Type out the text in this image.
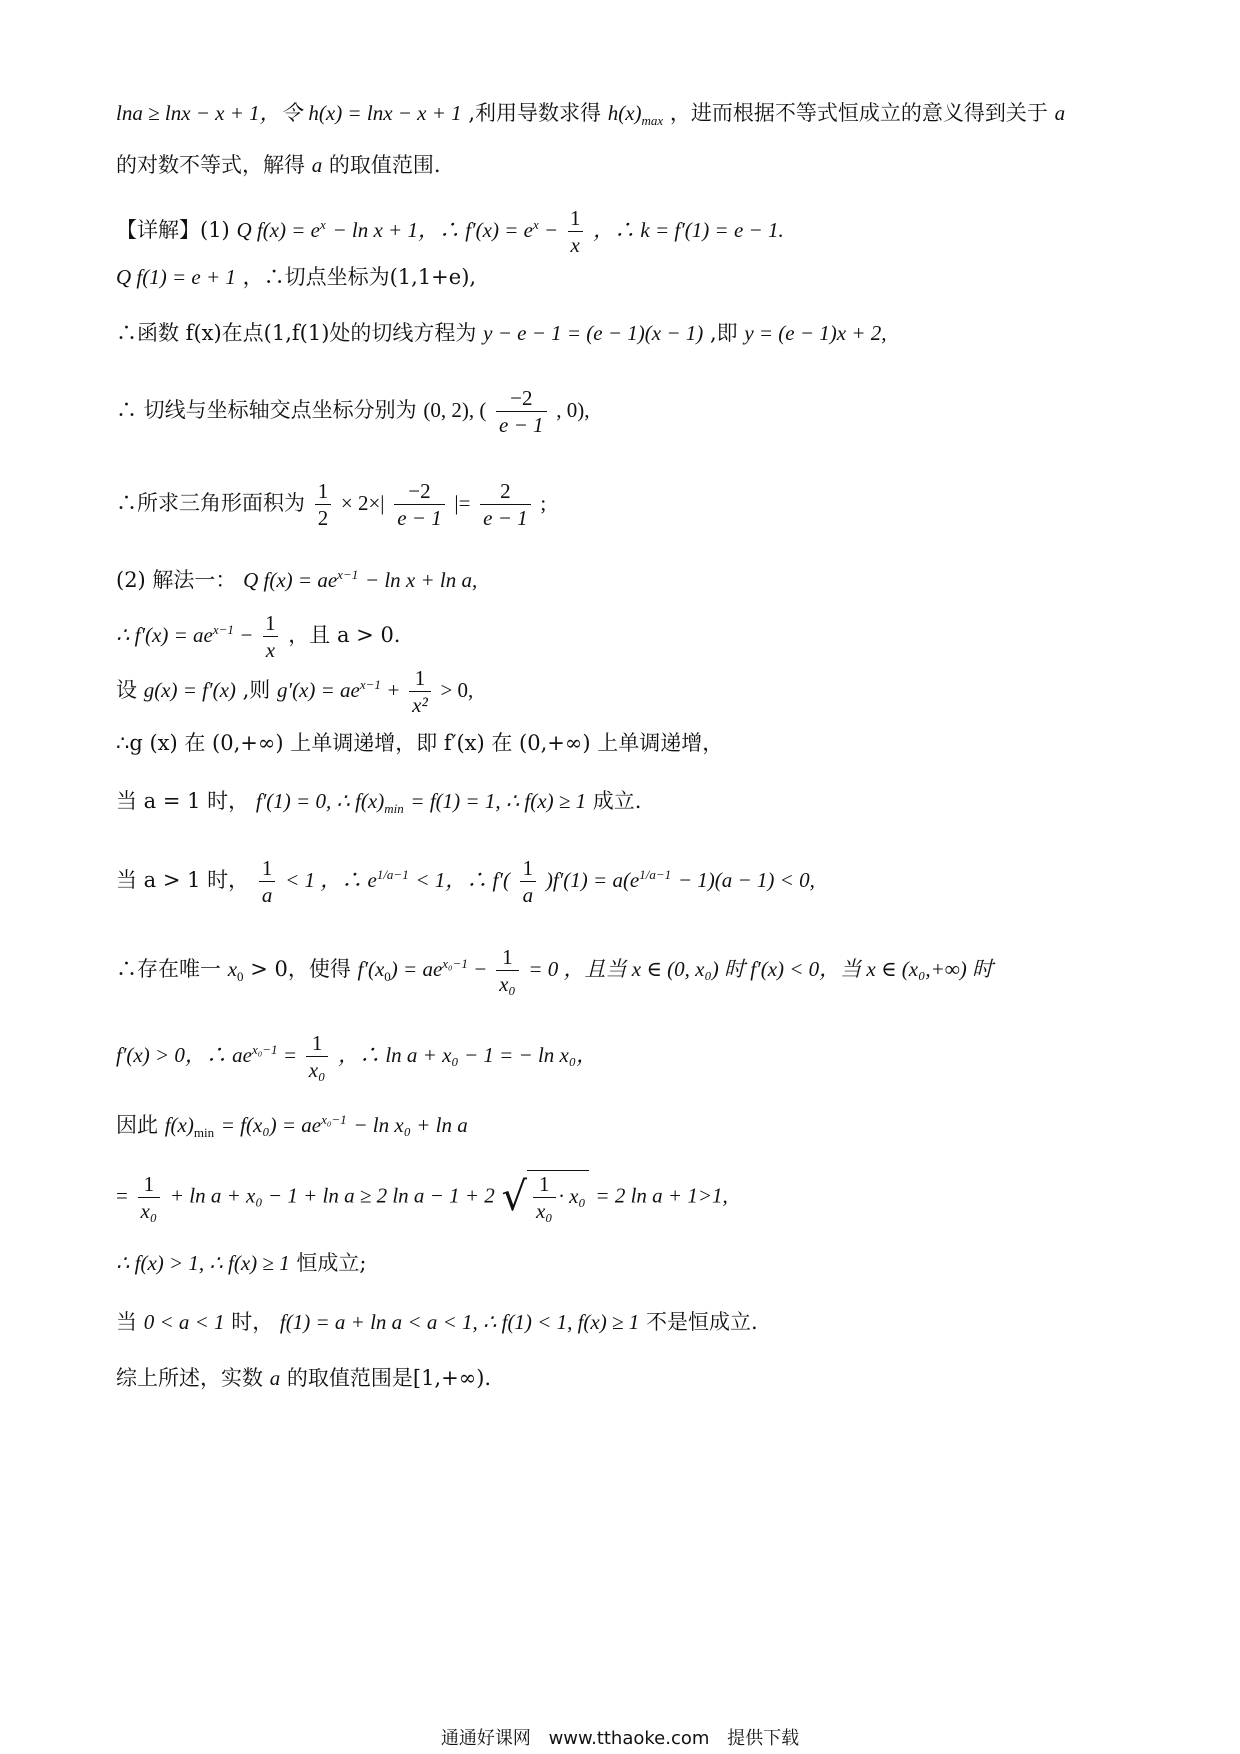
lna ≥ lnx − x + 1，令 h(x) = lnx − x + 1 ,利用导数求得 $h(x)_{max}$ ，进而根据不等式恒成立的意义得到关于 a
的对数不等式，解得 a 的取值范围.
【详解】(1) Q $f(x) = e^x - \ln x + 1$，∴ $f'(x) = e^x - \frac{1}{x}$ ，∴ k = f′(1) = e − 1.
Q f(1) = e + 1 ，∴切点坐标为(1,1+e),
∴函数 f(x)在点(1,f(1)处的切线方程为 y − e − 1 = (e − 1)(x − 1) ,即 y = (e − 1)x + 2,
∴ 切线与坐标轴交点坐标分别为 (0, 2), ( $\frac{-2}{e - 1}$ , 0),
∴所求三角形面积为 $\frac{1}{2} \times 2\times| \frac{-2}{e - 1}$ |= $\frac{2}{e - 1}$ ;
(2) 解法一： Q $f(x) = ae^{x-1} - \ln x + \ln a$,
∴ $f'(x) = ae^{x-1} - \frac{1}{x}$ ，且 a > 0.
设 g(x) = f′(x) ,则 $g'(x) = ae^{x-1} + \frac{1}{\text{x²}} > 0$,
∴g (x) 在 (0,+∞) 上单调递增，即 f′(x) 在 (0,+∞) 上单调递增，
当 a = 1 时， f′(1) = 0, ∴ $f(x)_{min} = f(1) = 1$, ∴ f(x) ≥ 1 成立.
当 a > 1 时， $\frac{1}{a} < 1$ ，∴ $e^{1/a-1} < 1$，∴ $f'( \frac{1}{a} )f'(1) = a(e^{1/a-1} - 1)(a - 1) < 0$,
∴存在唯一 $x_0 > 0$，使得 $f'(x_0) = ae^{x_0-1} - \frac{1}{\text{x₀}} = 0$ ，且当 x ∈ (0, x₀) 时 f′(x) < 0，当 x ∈ (x₀,+∞) 时
f′(x) > 0，∴ $ae^{x_0-1} = \frac{1}{\text{x₀}}$ ，∴ ln a + x₀ − 1 = − ln x₀，
因此 $f(x)_{min} = f(x_0) = ae^{x_0-1} - \ln x_0 + \ln a$
= $\frac{1}{\text{x₀}} + \ln a + x_0 - 1 + \ln a \ge 2$ ln a − 1 + 2 √ $\frac{1}{\text{x₀}} \cdot x_0 = 2$ ln a + 1>1,
∴ f(x) > 1, ∴ f(x) ≥ 1 恒成立;
当 0 < a < 1 时， f(1) = a + ln a < a < 1, ∴ f(1) < 1, f(x) ≥ 1 不是恒成立.
综上所述，实数 a 的取值范围是[1,+∞).
通通好课网 www.tthaoke.com 提供下载
